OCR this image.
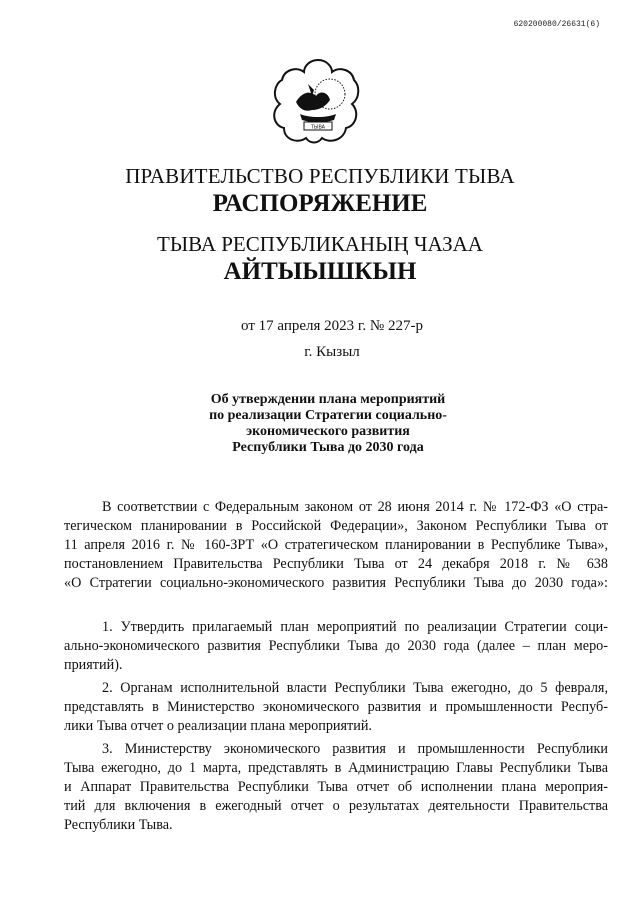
620200080/26631(6)
ТЫВА
ПРАВИТЕЛЬСТВО РЕСПУБЛИКИ ТЫВА
РАСПОРЯЖЕНИЕ
ТЫВА РЕСПУБЛИКАНЫҢ ЧАЗАА
АЙТЫЫШКЫН
от 17 апреля 2023 г. № 227-р
г. Кызыл
Об утверждении плана мероприятий
по реализации Стратегии социально-
экономического развития
Республики Тыва до 2030 года
В соответствии с Федеральным законом от 28 июня 2014 г. № 172-ФЗ «О стра-
тегическом планировании в Российской Федерации», Законом Республики Тыва от
11 апреля 2016 г. № 160-ЗРТ «О стратегическом планировании в Республике Тыва»,
постановлением Правительства Республики Тыва от 24 декабря 2018 г. № 638
«О Стратегии социально-экономического развития Республики Тыва до 2030 года»:
1. Утвердить прилагаемый план мероприятий по реализации Стратегии соци-
ально-экономического развития Республики Тыва до 2030 года (далее – план меро-
приятий).
2. Органам исполнительной власти Республики Тыва ежегодно, до 5 февраля,
представлять в Министерство экономического развития и промышленности Респуб-
лики Тыва отчет о реализации плана мероприятий.
3. Министерству экономического развития и промышленности Республики
Тыва ежегодно, до 1 марта, представлять в Администрацию Главы Республики Тыва
и Аппарат Правительства Республики Тыва отчет об исполнении плана мероприя-
тий для включения в ежегодный отчет о результатах деятельности Правительства
Республики Тыва.
